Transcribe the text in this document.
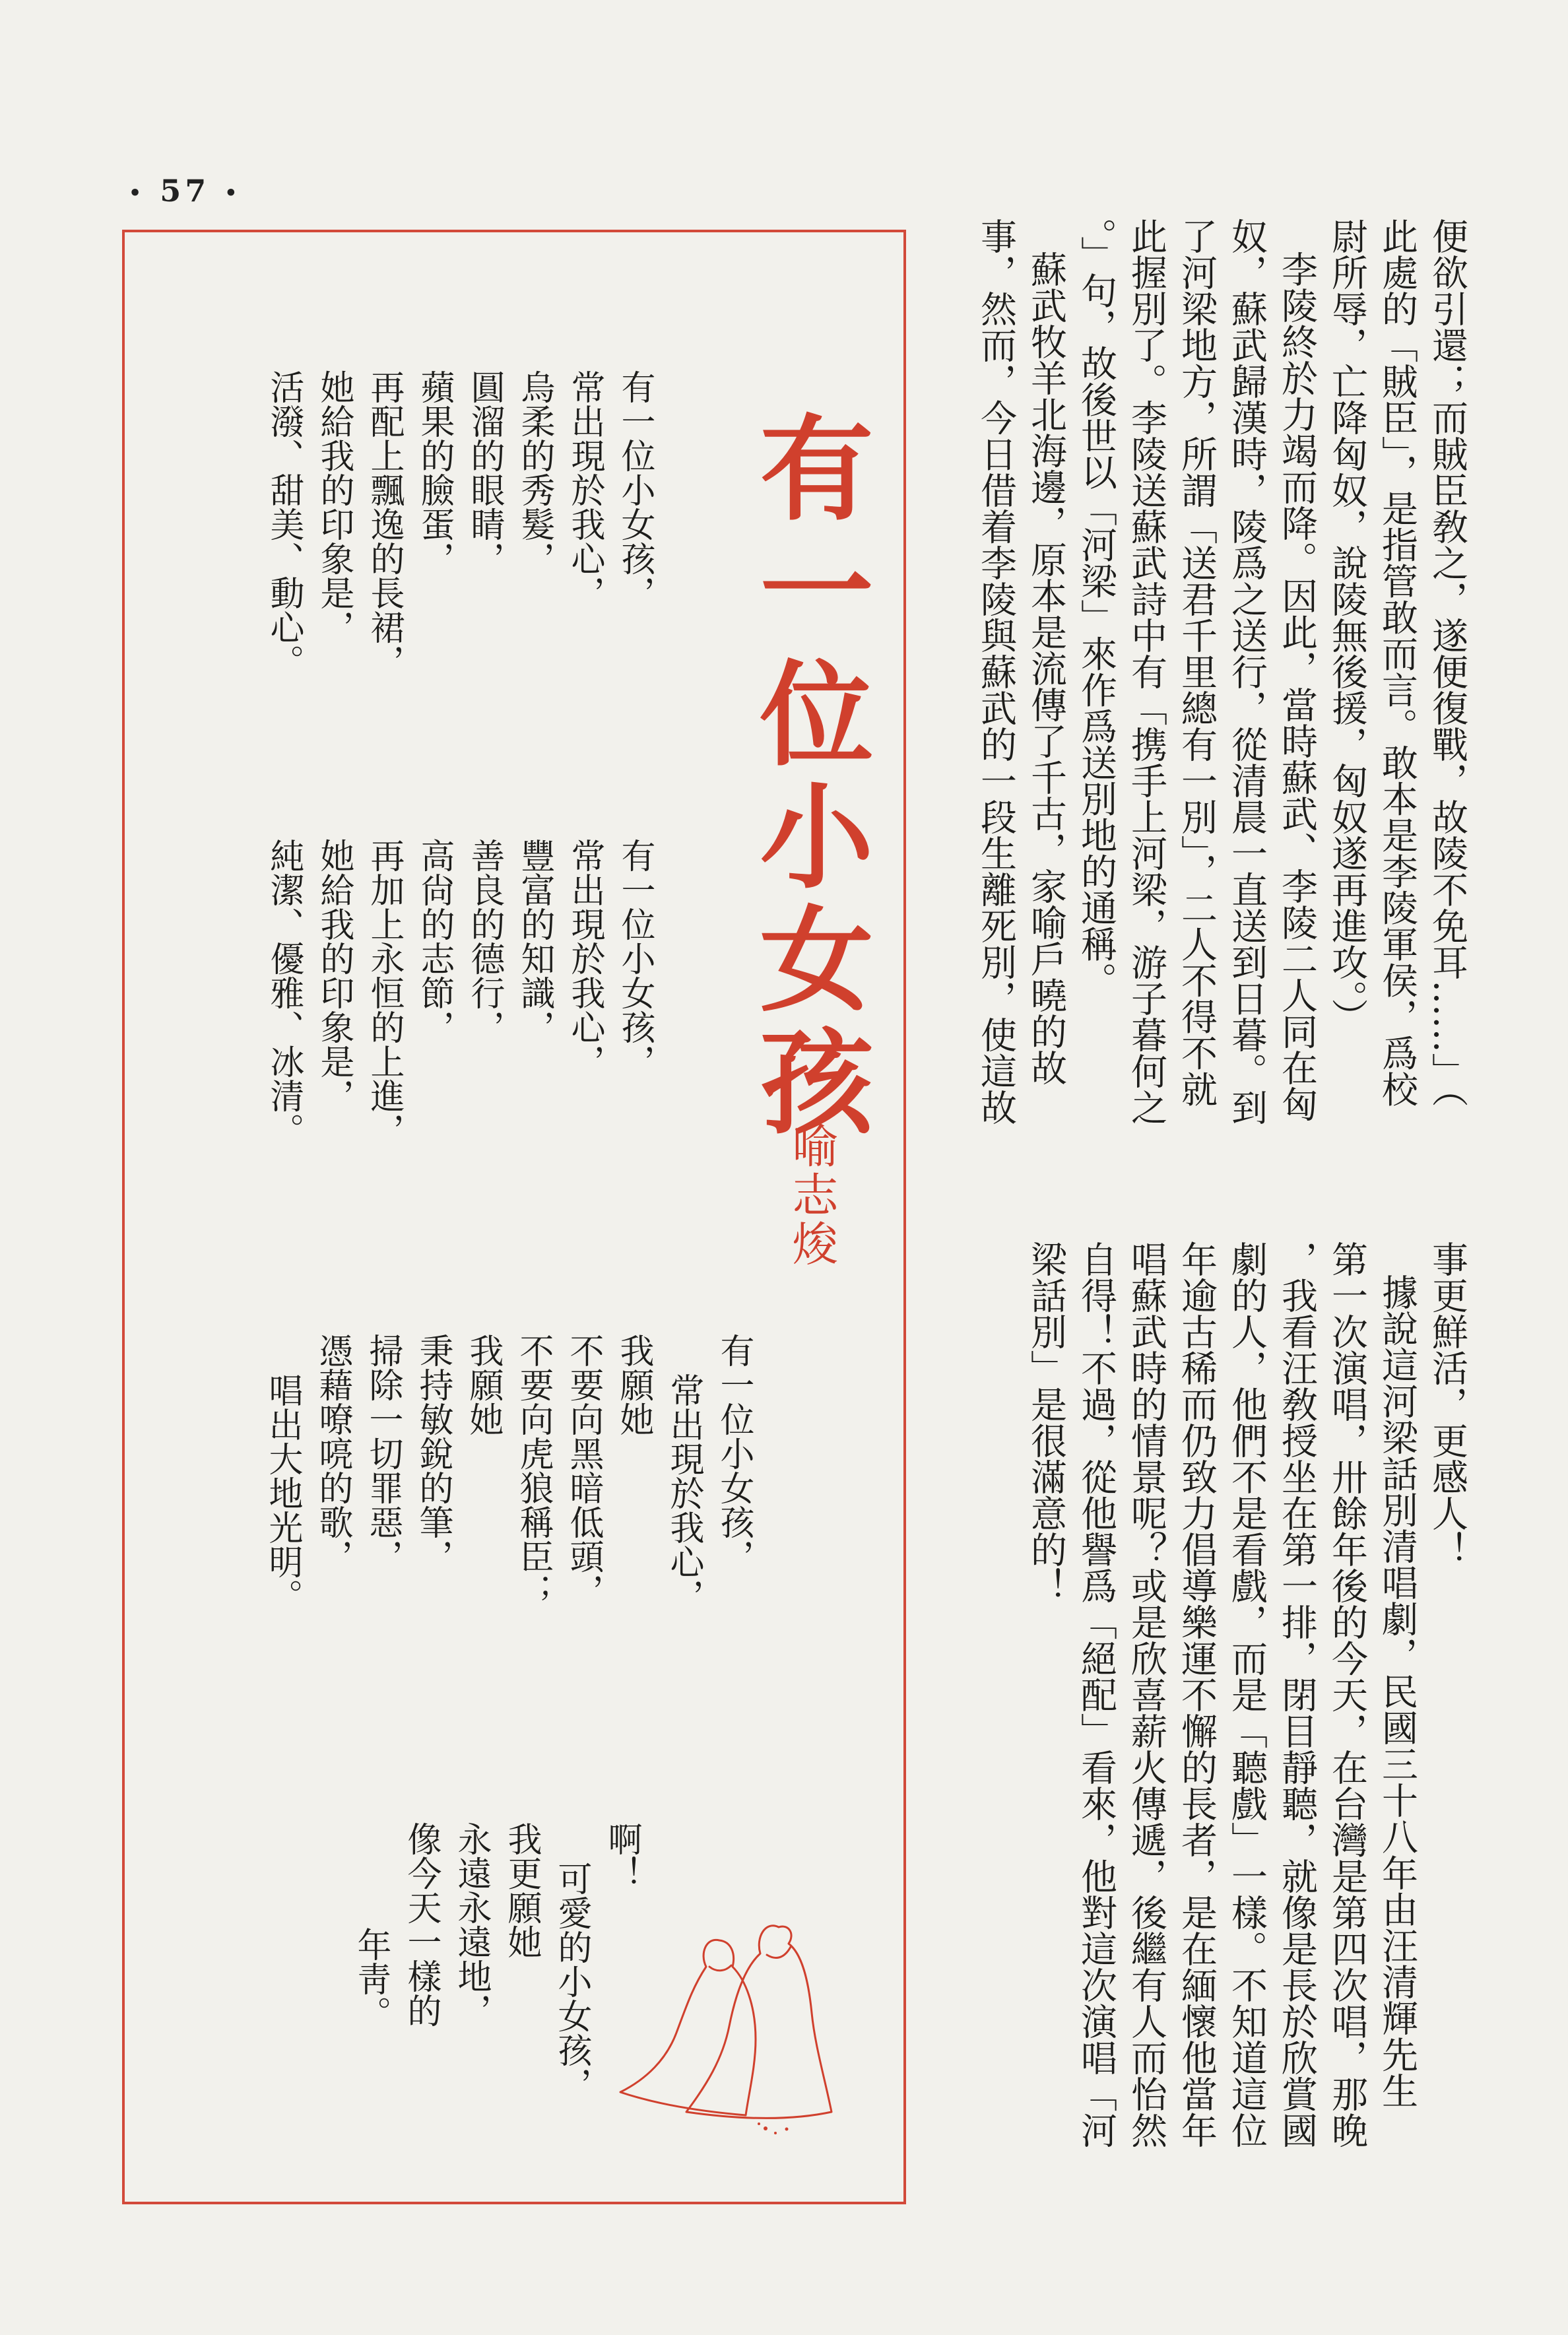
• 57 •
便欲引還；而賊臣敎之，遂便復戰，故陵不免耳……」（
此處的「賊臣」，是指管敢而言。敢本是李陵軍侯，爲校
尉所辱，亡降匈奴，說陵無後援，匈奴遂再進攻。）
李陵終於力竭而降。因此，當時蘇武、李陵二人同在匈
奴，蘇武歸漢時，陵爲之送行，從清晨一直送到日暮。到
了河梁地方，所謂「送君千里總有一別」，二人不得不就
此握別了。李陵送蘇武詩中有「携手上河梁，游子暮何之
。」句，故後世以「河梁」來作爲送別地的通稱。
蘇武牧羊北海邊，原本是流傳了千古，家喻戶曉的故
事，然而，今日借着李陵與蘇武的一段生離死別，使這故
事更鮮活，更感人！
據說這河梁話別清唱劇，民國三十八年由汪清輝先生
第一次演唱，卅餘年後的今天，在台灣是第四次唱，那晚
，我看汪敎授坐在第一排，閉目靜聽，就像是長於欣賞國
劇的人，他們不是看戲，而是「聽戲」一樣。不知道這位
年逾古稀而仍致力倡導樂運不懈的長者，是在緬懷他當年
唱蘇武時的情景呢？或是欣喜薪火傳遞，後繼有人而怡然
自得！不過，從他譽爲「絕配」看來，他對這次演唱「河
梁話別」是很滿意的！
有一位小女孩
喻志焌
有一位小女孩，
常出現於我心，
烏柔的秀髮，
圓溜的眼睛，
蘋果的臉蛋，
再配上飄逸的長裙，
她給我的印象是，
活潑、甜美、動心。
有一位小女孩，
常出現於我心，
豐富的知識，
善良的德行，
高尙的志節，
再加上永恒的上進，
她給我的印象是，
純潔、優雅、冰清。
有一位小女孩，
常出現於我心，
我願她
不要向黑暗低頭，
不要向虎狼稱臣；
我願她
秉持敏銳的筆，
掃除一切罪惡，
憑藉嘹喨的歌，
唱出大地光明。
啊！
可愛的小女孩，
我更願她
永遠永遠地，
像今天一樣的
年靑。
